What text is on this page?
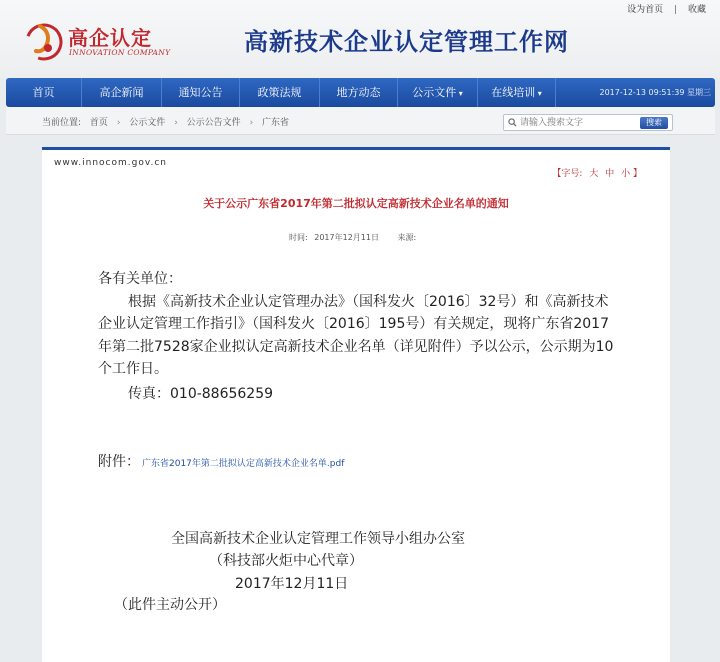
设为首页 | 收藏
高企认定
INNOVATION COMPANY	高新技术企业认定管理工作网
首页	高企新闻	通知公告	政策法规	地方动态	公示文件 ▾	在线培训 ▾	2017-12-13 09:51:39 星期三
当前位置: 首页 › 公示文件 › 公示公告文件 › 广东省
请输入搜索文字	搜索
www.innocom.gov.cn
【字号: 大 中 小 】
关于公示广东省2017年第二批拟认定高新技术企业名单的通知
时间: 2017年12月11日 来源:

各有关单位：

根据《高新技术企业认定管理办法》（国科发火〔2016〕32号）和《高新技术企业认定管理工作指引》（国科发火〔2016〕195号）有关规定，现将广东省2017年第二批7528家企业拟认定高新技术企业名单（详见附件）予以公示，公示期为10个工作日。

传真：010-88656259

附件： 广东省2017年第二批拟认定高新技术企业名单.pdf
全国高新技术企业认定管理工作领导小组办公室
（科技部火炬中心代章）
2017年12月11日
（此件主动公开）
